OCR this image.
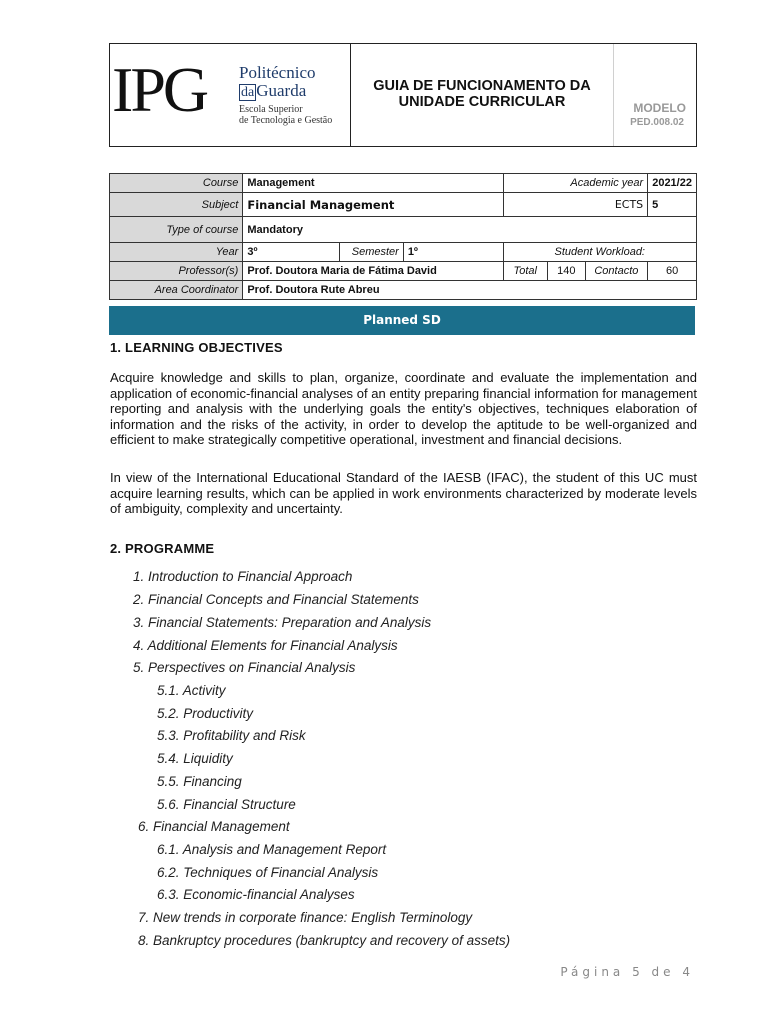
IPG Politécnico
da Guarda
Escola Superior
de Tecnologia e Gestão
GUIA DE FUNCIONAMENTO DA
UNIDADE CURRICULAR	MODELO
PED.008.02
Course	Management			Academic year			2021/22
Subject	Financial Management			ECTS			5
Type of course	Mandatory						
Year	3º	Semester	1º	Student Workload:			
Professor(s)	Prof. Doutora Maria de Fátima David			Total	140	Contacto	60
Area Coordinator	Prof. Doutora Rute Abreu						
Planned SD
1. LEARNING OBJECTIVES

Acquire knowledge and skills to plan, organize, coordinate and evaluate the implementation and application of economic-financial analyses of an entity preparing financial information for management reporting and analysis with the underlying goals the entity's objectives, techniques elaboration of information and the risks of the activity, in order to develop the aptitude to be well-organized and efficient to make strategically competitive operational, investment and financial decisions.

In view of the International Educational Standard of the IAESB (IFAC), the student of this UC must acquire learning results, which can be applied in work environments characterized by moderate levels of ambiguity, complexity and uncertainty.

2. PROGRAMME
1. Introduction to Financial Approach
2. Financial Concepts and Financial Statements
3. Financial Statements: Preparation and Analysis
4. Additional Elements for Financial Analysis
5. Perspectives on Financial Analysis
5.1. Activity
5.2. Productivity
5.3. Profitability and Risk
5.4. Liquidity
5.5. Financing
5.6. Financial Structure
6. Financial Management
6.1. Analysis and Management Report
6.2. Techniques of Financial Analysis
6.3. Economic-financial Analyses
7. New trends in corporate finance: English Terminology
8. Bankruptcy procedures (bankruptcy and recovery of assets)
Página 5 de 4
